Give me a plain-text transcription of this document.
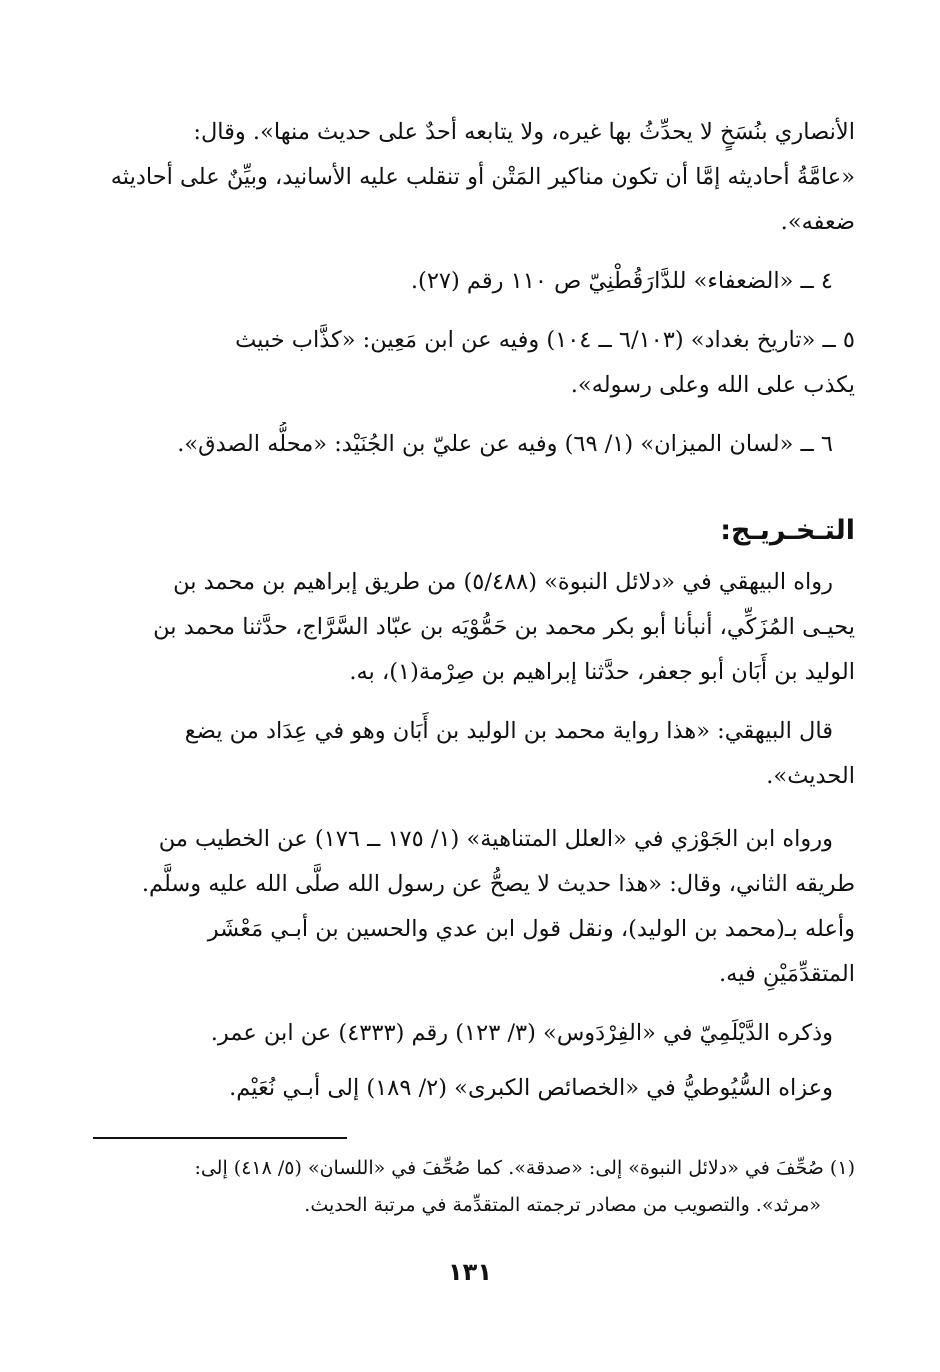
الأنصاري بنُسَخٍ لا يحدِّثُ بها غيره، ولا يتابعه أحدٌ على حديث منها». وقال:
«عامَّةُ أحاديثه إمَّا أن تكون مناكير المَتْن أو تنقلب عليه الأسانيد، وبيِّنٌ على أحاديثه
ضعفه».
٤ ــ «الضعفاء» للدَّارَقُطْنِيّ ص ١١٠ رقم (٢٧).
٥ ــ «تاريخ بغداد» (٦/١٠٣ ــ ١٠٤) وفيه عن ابن مَعِين: «كذَّاب خبيث
يكذب على الله وعلى رسوله».
٦ ــ «لسان الميزان» (١/ ٦٩) وفيه عن عليّ بن الجُنَيْد: «محلُّه الصدق».
التـخـريـج:
رواه البيهقي في «دلائل النبوة» (٥/٤٨٨) من طريق إبراهيم بن محمد بن
يحيـى المُزَكِّي، أنبأنا أبو بكر محمد بن حَمُّوْيَه بن عبّاد السَّرَّاج، حدَّثنا محمد بن
الوليد بن أَبَان أبو جعفر، حدَّثنا إبراهيم بن صِرْمة(١)، به.
قال البيهقي: «هذا رواية محمد بن الوليد بن أَبَان وهو في عِدَاد من يضع
الحديث».
ورواه ابن الجَوْزي في «العلل المتناهية» (١/ ١٧٥ ــ ١٧٦) عن الخطيب من
طريقه الثاني، وقال: «هذا حديث لا يصحُّ عن رسول الله صلَّى الله عليه وسلَّم.
وأعله بـ(محمد بن الوليد)، ونقل قول ابن عدي والحسين بن أبـي مَعْشَر
المتقدِّمَيْنِ فيه.
وذكره الدَّيْلَمِيّ في «الفِرْدَوس» (٣/ ١٢٣) رقم (٤٣٣٣) عن ابن عمر.
وعزاه السُّيُوطيُّ في «الخصائص الكبرى» (٢/ ١٨٩) إلى أبـي نُعَيْم.
(١) صُحِّفَ في «دلائل النبوة» إلى: «صدقة». كما صُحِّفَ في «اللسان» (٥/ ٤١٨) إلى:
«مرثد». والتصويب من مصادر ترجمته المتقدِّمة في مرتبة الحديث.
١٣١
